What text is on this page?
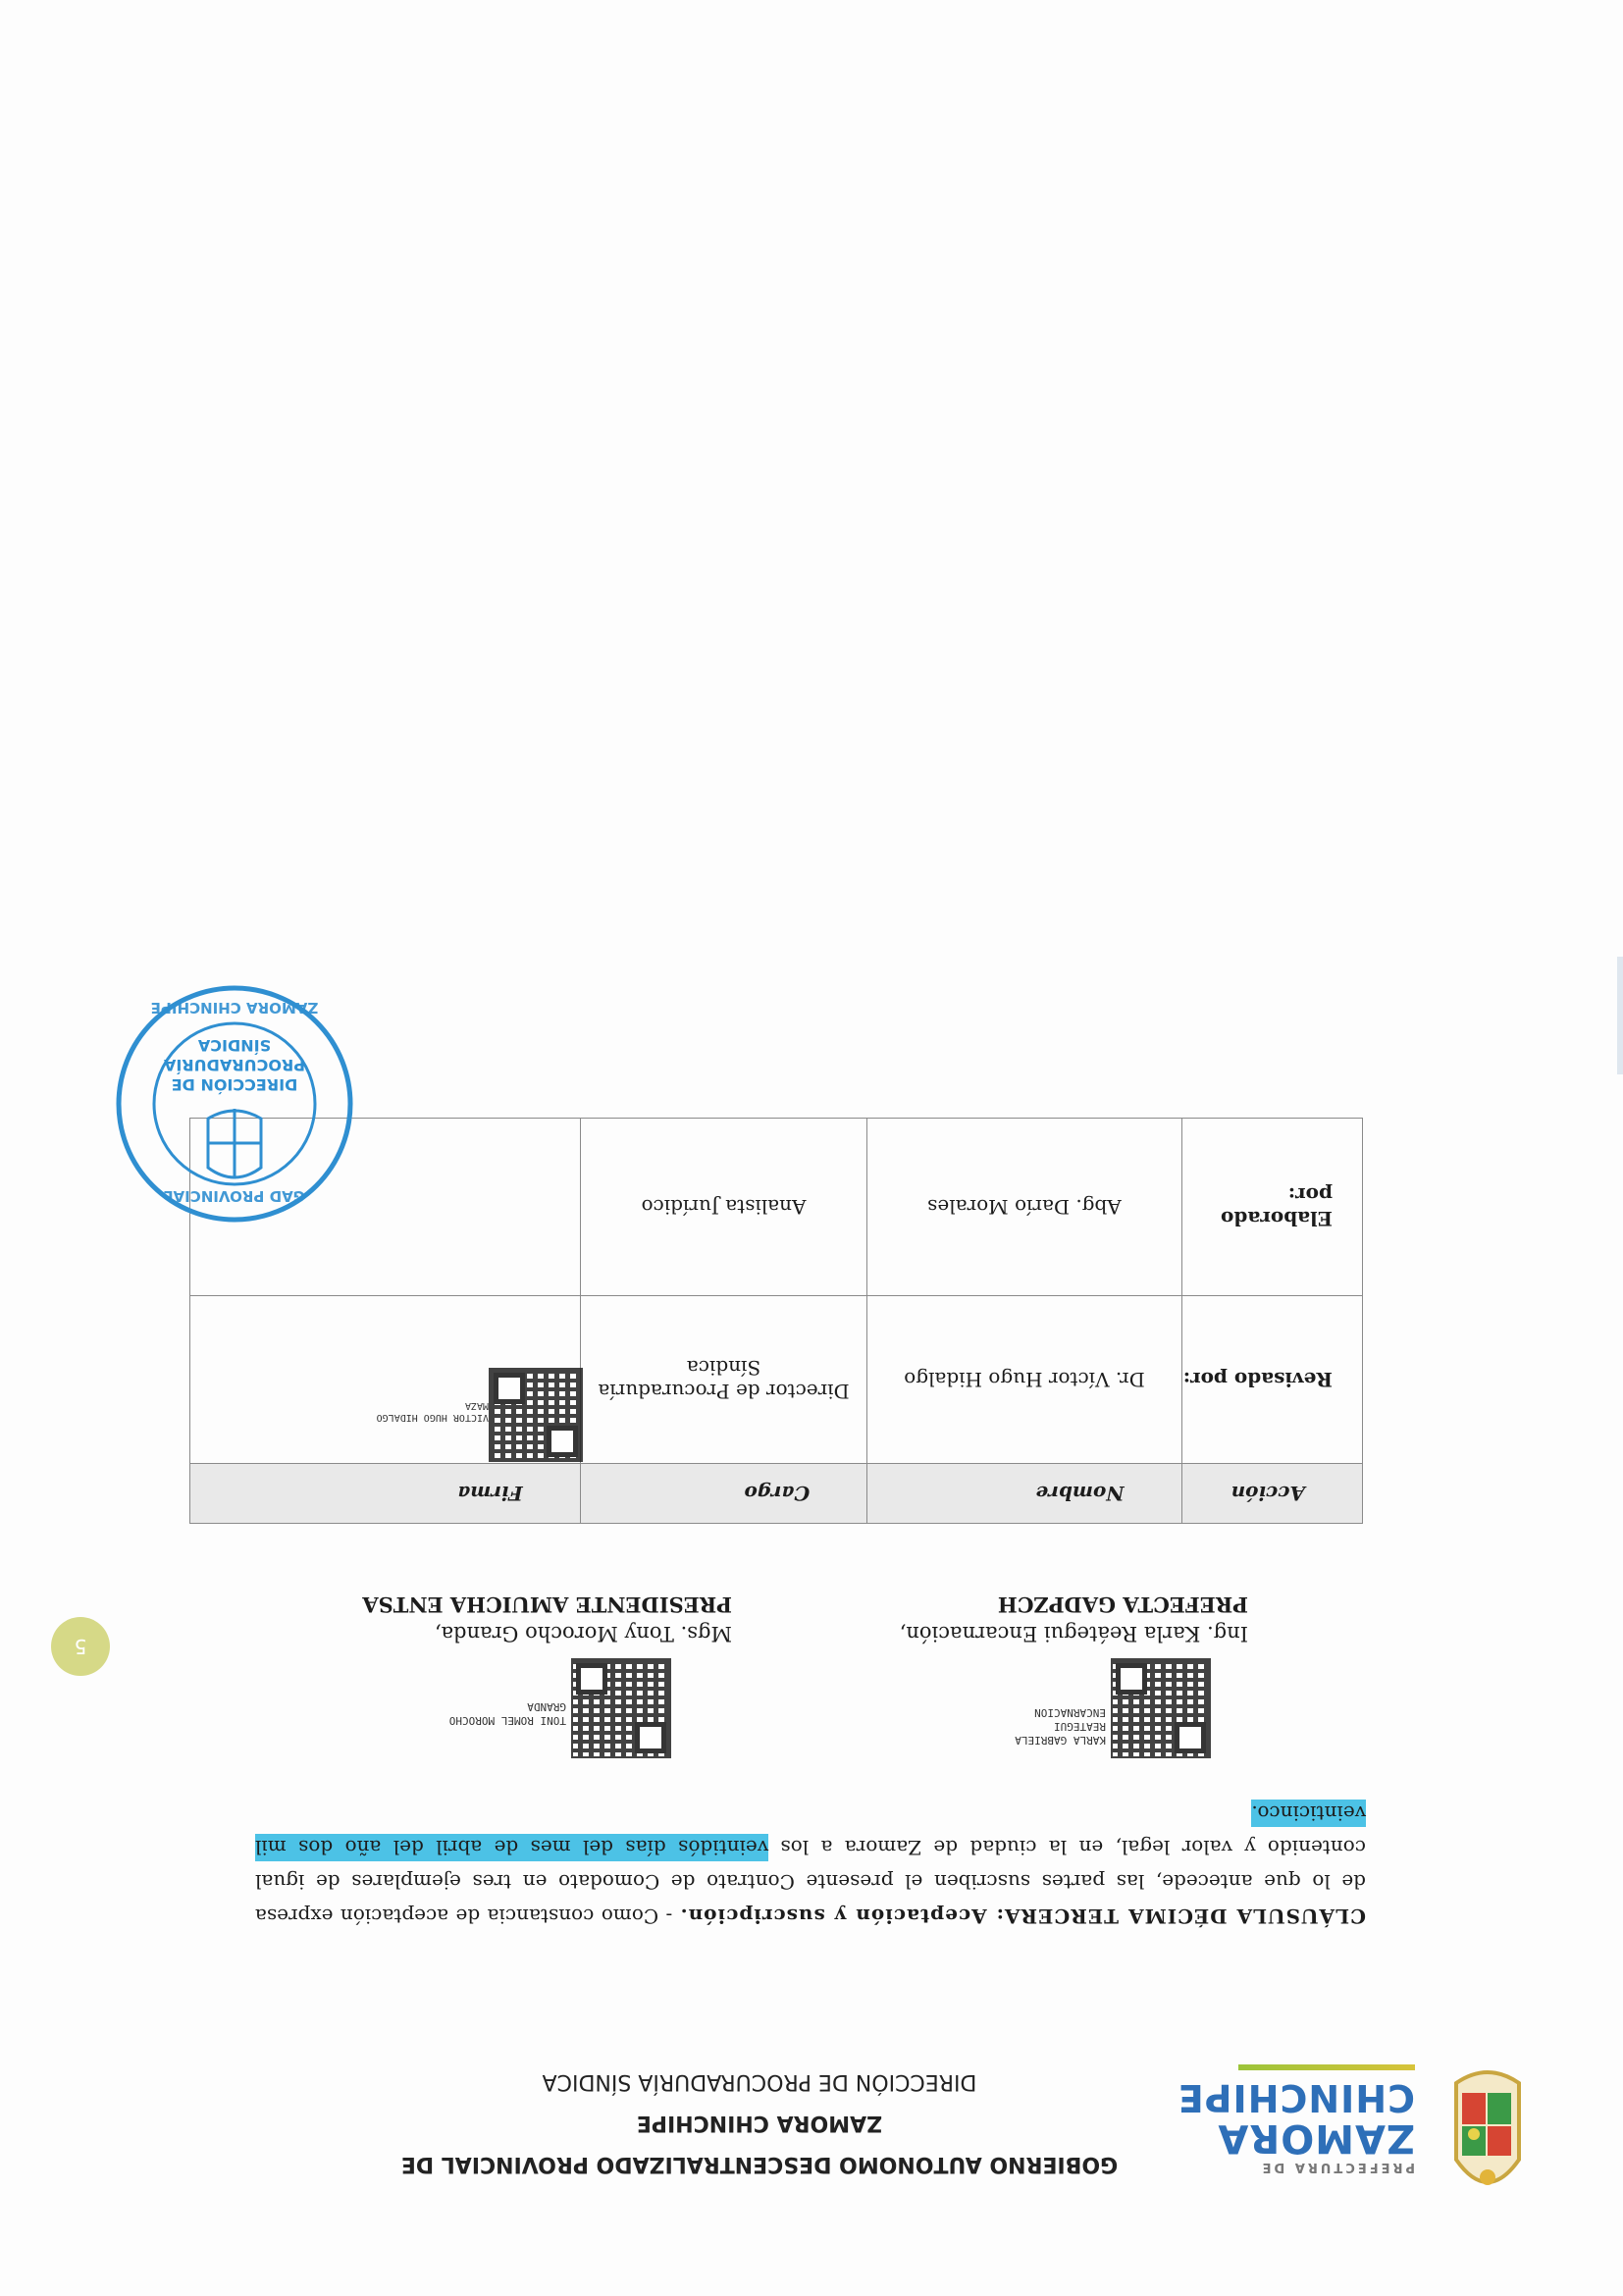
PREFECTURA DE
ZAMORA
CHINCHIPE
GOBIERNO AUTONOMO DESCENTRALIZADO PROVINCIAL DE
ZAMORA CHINCHIPE
DIRECCIÓN DE PROCURADURÍA SÍNDICA

CLÁUSULA DÉCIMA TERCERA: Aceptación y suscripción. - Como constancia de aceptación expresa de lo que antecede, las partes suscriben el presente Contrato de Comodato en tres ejemplares de igual contenido y valor legal, en la ciudad de Zamora a los veintidós días del mes de abril del año dos mil veinticinco.

KARLA GABRIELA
REATEGUI
ENCARNACION
TONI ROMEL MOROCHO
GRANDA
Ing. Karla Reátegui Encarnación,
PREFECTA GADPZCH
Mgs. Tony Morocho Granda,
PRESIDENTE AMUICHA ENTSA
5
Acción	Nombre	Cargo	Firma
Revisado por:	Dr. Víctor Hugo Hidalgo	Director de Procuraduría Síndica	
Elaborado por:	Abg. Darío Morales	Analista Jurídico	
VICTOR HUGO HIDALGO MAZA
DIRECCIÓN DE
PROCURADURÍA
SÍNDICA
GAD PROVINCIAL
ZAMORA CHINCHIPE
